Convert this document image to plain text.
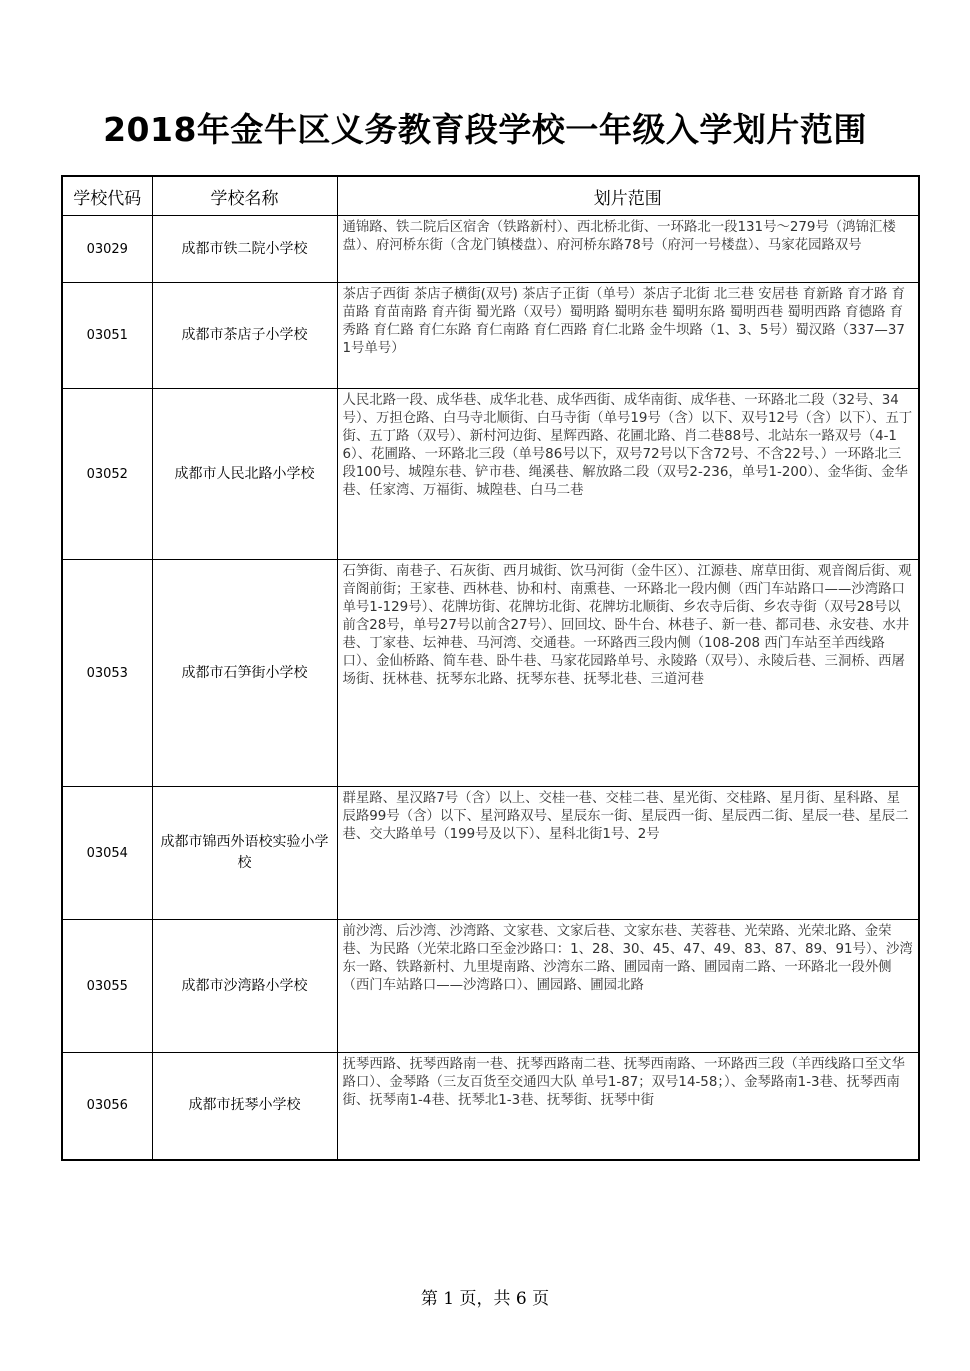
2018年金牛区义务教育段学校一年级入学划片范围
学校代码	学校名称	划片范围
03029	成都市铁二院小学校	通锦路、铁二院后区宿舍（铁路新村）、西北桥北街、一环路北一段131号～279号（鸿锦汇楼盘）、府河桥东街（含龙门镇楼盘）、府河桥东路78号（府河一号楼盘）、马家花园路双号
03051	成都市茶店子小学校	茶店子西街 茶店子横街(双号) 茶店子正街（单号）茶店子北街 北三巷 安居巷 育新路 育才路 育苗路 育苗南路 育卉街 蜀光路（双号）蜀明路 蜀明东巷 蜀明东路 蜀明西巷 蜀明西路 育德路 育秀路 育仁路 育仁东路 育仁南路 育仁西路 育仁北路 金牛坝路（1、3、5号）蜀汉路（337—371号单号）
03052	成都市人民北路小学校	人民北路一段、成华巷、成华北巷、成华西街、成华南街、成华巷、一环路北二段（32号、34号）、万担仓路、白马寺北顺街、白马寺街（单号19号（含）以下、双号12号（含）以下）、五丁街、五丁路（双号）、新村河边街、星辉西路、花圃北路、肖二巷88号、北站东一路双号（4-16）、花圃路、一环路北三段（单号86号以下，双号72号以下含72号、不含22号、）一环路北三段100号、城隍东巷、铲市巷、绳溪巷、解放路二段（双号2-236，单号1-200）、金华街、金华巷、任家湾、万福街、城隍巷、白马二巷
03053	成都市石笋街小学校	石笋街、南巷子、石灰街、西月城街、饮马河街（金牛区）、江源巷、席草田街、观音阁后街、观音阁前街；王家巷、西林巷、协和村、南熏巷、一环路北一段内侧（西门车站路口——沙湾路口 单号1-129号）、花牌坊街、花牌坊北街、花牌坊北顺街、乡农寺后街、乡农寺街（双号28号以前含28号，单号27号以前含27号）、回回坟、卧牛台、林巷子、新一巷、都司巷、永安巷、水井巷、丁家巷、坛神巷、马河湾、交通巷。一环路西三段内侧（108-208 西门车站至羊西线路口）、金仙桥路、简车巷、卧牛巷、马家花园路单号、永陵路（双号）、永陵后巷、三洞桥、西屠场街、抚林巷、抚琴东北路、抚琴东巷、抚琴北巷、三道河巷
03054	成都市锦西外语校实验小学校	群星路、星汉路7号（含）以上、交桂一巷、交桂二巷、星光街、交桂路、星月街、星科路、星辰路99号（含）以下、星河路双号、星辰东一街、星辰西一街、星辰西二街、星辰一巷、星辰二巷、交大路单号（199号及以下）、星科北街1号、2号
03055	成都市沙湾路小学校	前沙湾、后沙湾、沙湾路、文家巷、文家后巷、文家东巷、芙蓉巷、光荣路、光荣北路、金荣巷、为民路（光荣北路口至金沙路口：1、28、30、45、47、49、83、87、89、91号）、沙湾东一路、铁路新村、九里堤南路、沙湾东二路、圃园南一路、圃园南二路、一环路北一段外侧（西门车站路口——沙湾路口）、圃园路、圃园北路
03056	成都市抚琴小学校	抚琴西路、抚琴西路南一巷、抚琴西路南二巷、抚琴西南路、一环路西三段（羊西线路口至文华路口）、金琴路（三友百货至交通四大队 单号1-87；双号14-58；）、金琴路南1-3巷、抚琴西南街、抚琴南1-4巷、抚琴北1-3巷、抚琴街、抚琴中街
第 1 页，共 6 页
